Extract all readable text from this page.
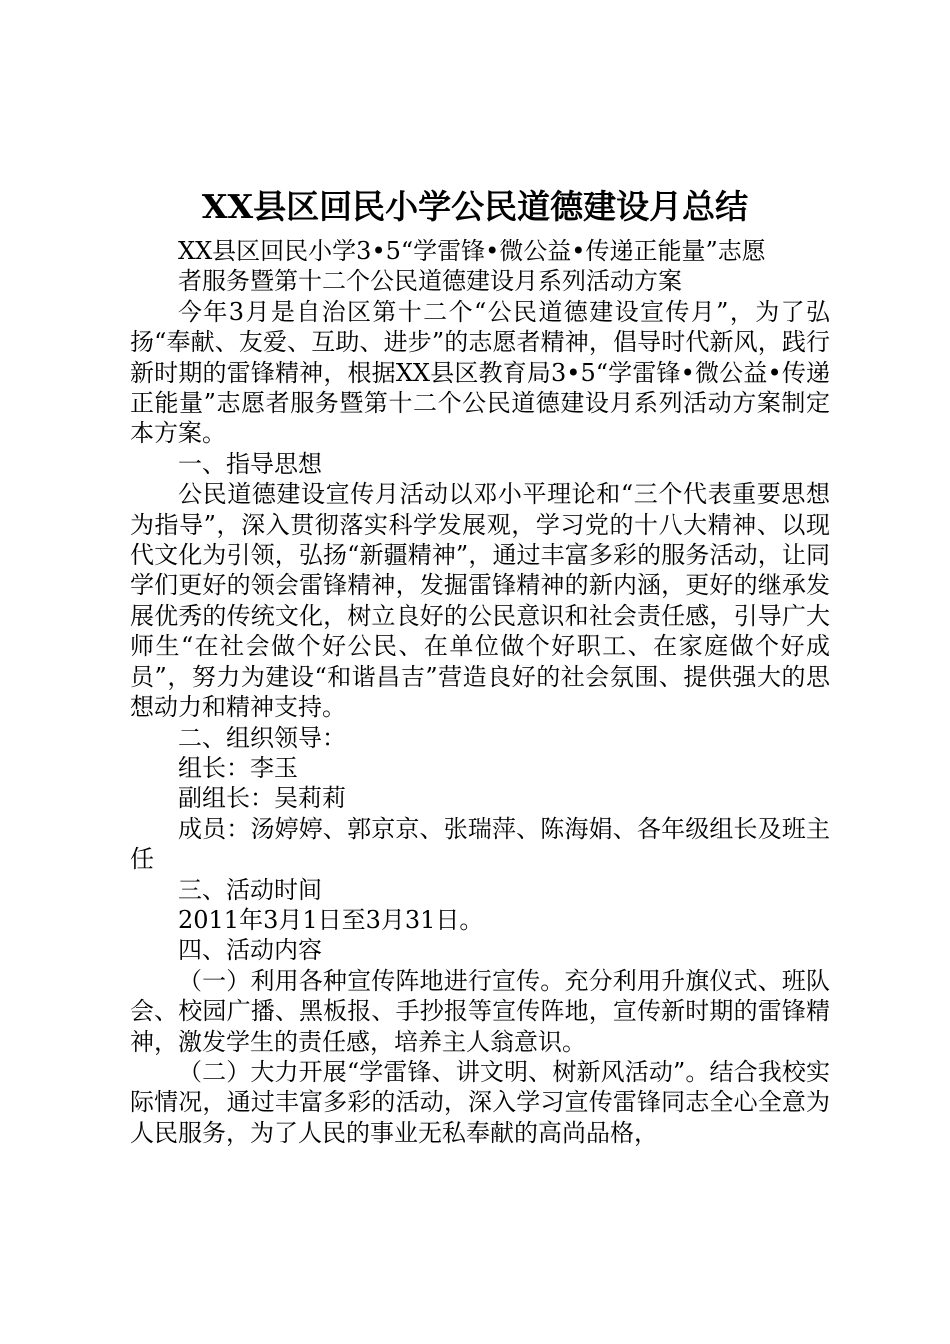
XX县区回民小学公民道德建设月总结

XX县区回民小学3•5“学雷锋•微公益•传递正能量”志愿

者服务暨第十二个公民道德建设月系列活动方案

今年3月是自治区第十二个“公民道德建设宣传月”，为了弘扬“奉献、友爱、互助、进步”的志愿者精神，倡导时代新风，践行新时期的雷锋精神，根据XX县区教育局3•5“学雷锋•微公益•传递正能量”志愿者服务暨第十二个公民道德建设月系列活动方案制定本方案。

一、指导思想

公民道德建设宣传月活动以邓小平理论和“三个代表重要思想为指导”，深入贯彻落实科学发展观，学习党的十八大精神、以现代文化为引领，弘扬“新疆精神”，通过丰富多彩的服务活动，让同学们更好的领会雷锋精神，发掘雷锋精神的新内涵，更好的继承发展优秀的传统文化，树立良好的公民意识和社会责任感，引导广大师生“在社会做个好公民、在单位做个好职工、在家庭做个好成员”，努力为建设“和谐昌吉”营造良好的社会氛围、提供强大的思想动力和精神支持。

二、组织领导：

组长：李玉

副组长：吴莉莉

成员：汤婷婷、郭京京、张瑞萍、陈海娟、各年级组长及班主任

三、活动时间

2011年3月1日至3月31日。

四、活动内容

（一）利用各种宣传阵地进行宣传。充分利用升旗仪式、班队会、校园广播、黑板报、手抄报等宣传阵地，宣传新时期的雷锋精神，激发学生的责任感，培养主人翁意识。

（二）大力开展“学雷锋、讲文明、树新风活动”。结合我校实际情况，通过丰富多彩的活动，深入学习宣传雷锋同志全心全意为人民服务，为了人民的事业无私奉献的高尚品格，
